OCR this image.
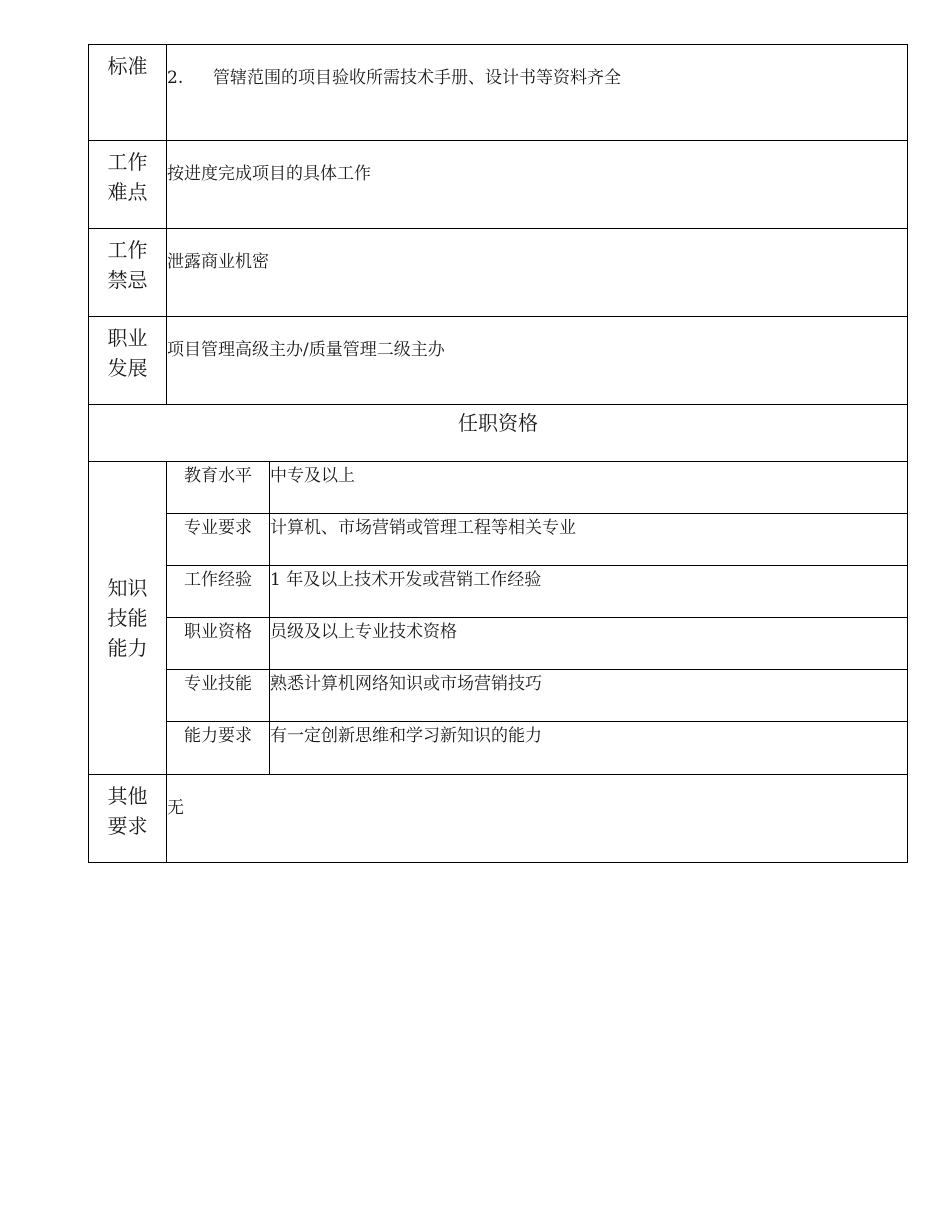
标准	2. 管辖范围的项目验收所需技术手册、设计书等资料齐全	

工作
难点	按进度完成项目的具体工作	

工作
禁忌	泄露商业机密	

职业
发展	项目管理高级主办/质量管理二级主办	
任职资格		

知识
技能
能力	教育水平	中专及以上
	专业要求	计算机、市场营销或管理工程等相关专业
	工作经验	1 年及以上技术开发或营销工作经验
	职业资格	员级及以上专业技术资格
	专业技能	熟悉计算机网络知识或市场营销技巧
	能力要求	有一定创新思维和学习新知识的能力

其他
要求	无	
